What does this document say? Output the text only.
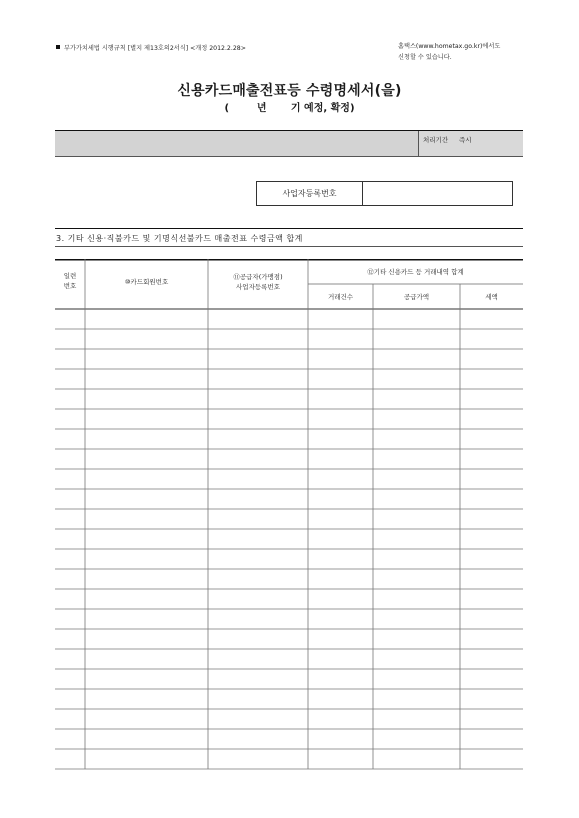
부가가치세법 시행규칙 [별지 제13호의2서식] <개정 2012.2.28>	홈택스(www.hometax.go.kr)에서도
신청할 수 있습니다.
신용카드매출전표등 수령명세서(을)
(        년       기 예정, 확정)
처리기간 즉시
사업자등록번호
3. 기타 신용·직불카드 및 기명식선불카드 매출전표 수령금액 합계
일련
번호	⑩카드회원번호
⑪공급자(가맹점)
사업자등록번호
⑫기타 신용카드 등 거래내역 합계
거래건수	공급가액	세액
